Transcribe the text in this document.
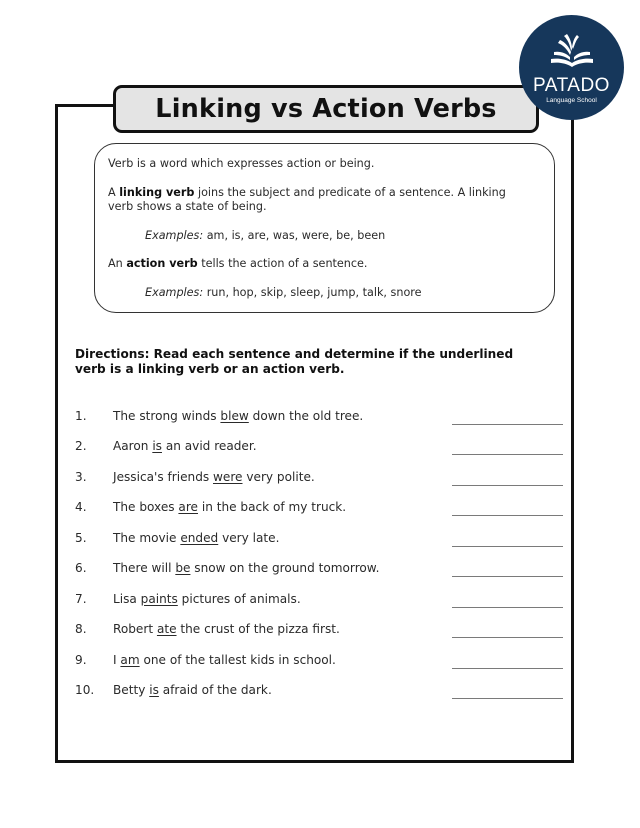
Linking vs Action Verbs
PATADO
Language School
Verb is a word which expresses action or being.
A linking verb joins the subject and predicate of a sentence. A linking
verb shows a state of being.
Examples: am, is, are, was, were, be, been
An action verb tells the action of a sentence.
Examples: run, hop, skip, sleep, jump, talk, snore
Directions: Read each sentence and determine if the underlined
verb is a linking verb or an action verb.
1. The strong winds blew down the old tree.
2. Aaron is an avid reader.
3. Jessica's friends were very polite.
4. The boxes are in the back of my truck.
5. The movie ended very late.
6. There will be snow on the ground tomorrow.
7. Lisa paints pictures of animals.
8. Robert ate the crust of the pizza first.
9. I am one of the tallest kids in school.
10. Betty is afraid of the dark.
